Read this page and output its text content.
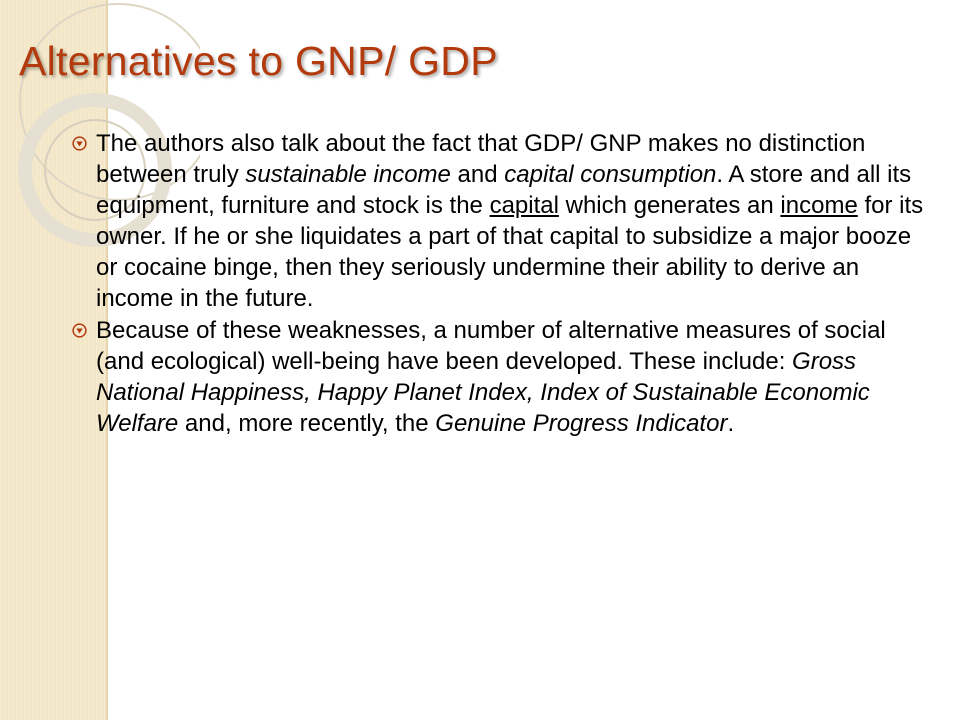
Alternatives to GNP/ GDP
The authors also talk about the fact that GDP/ GNP makes no distinction between truly sustainable income and capital consumption. A store and all its equipment, furniture and stock is the capital which generates an income for its owner. If he or she liquidates a part of that capital to subsidize a major booze or cocaine binge, then they seriously undermine their ability to derive an income in the future.
Because of these weaknesses, a number of alternative measures of social (and ecological) well-being have been developed. These include: Gross National Happiness, Happy Planet Index, Index of Sustainable Economic Welfare and, more recently, the Genuine Progress Indicator.
